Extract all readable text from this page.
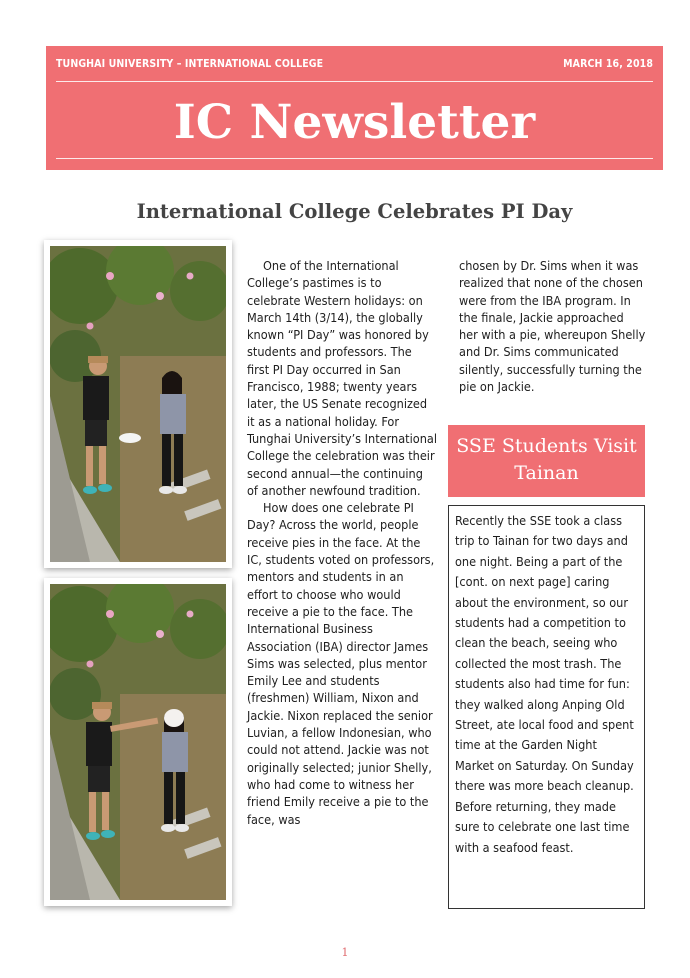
TUNGHAI UNIVERSITY – INTERNATIONAL COLLEGE	MARCH 16, 2018
IC Newsletter
International College Celebrates PI Day

One of the International College’s pastimes is to celebrate Western holidays: on March 14th (3/14), the globally known “PI Day” was honored by students and professors. The first PI Day occurred in San Francisco, 1988; twenty years later, the US Senate recognized it as a national holiday. For Tunghai University’s International College the celebration was their second annual—the continuing of another newfound tradition.

How does one celebrate PI Day? Across the world, people receive pies in the face. At the IC, students voted on professors, mentors and students in an effort to choose who would receive a pie to the face. The International Business Association (IBA) director James Sims was selected, plus mentor Emily Lee and students (freshmen) William, Nixon and Jackie. Nixon replaced the senior Luvian, a fellow Indonesian, who could not attend. Jackie was not originally selected; junior Shelly, who had come to witness her friend Emily receive a pie to the face, was

chosen by Dr. Sims when it was realized that none of the chosen were from the IBA program. In the finale, Jackie approached her with a pie, whereupon Shelly and Dr. Sims communicated silently, successfully turning the pie on Jackie.

SSE Students Visit Tainan
Recently the SSE took a class trip to Tainan for two days and one night. Being a part of the [cont. on next page] caring about the environment, so our students had a competition to clean the beach, seeing who collected the most trash. The students also had time for fun: they walked along Anping Old Street, ate local food and spent time at the Garden Night Market on Saturday. On Sunday there was more beach cleanup. Before returning, they made sure to celebrate one last time with a seafood feast.
1
